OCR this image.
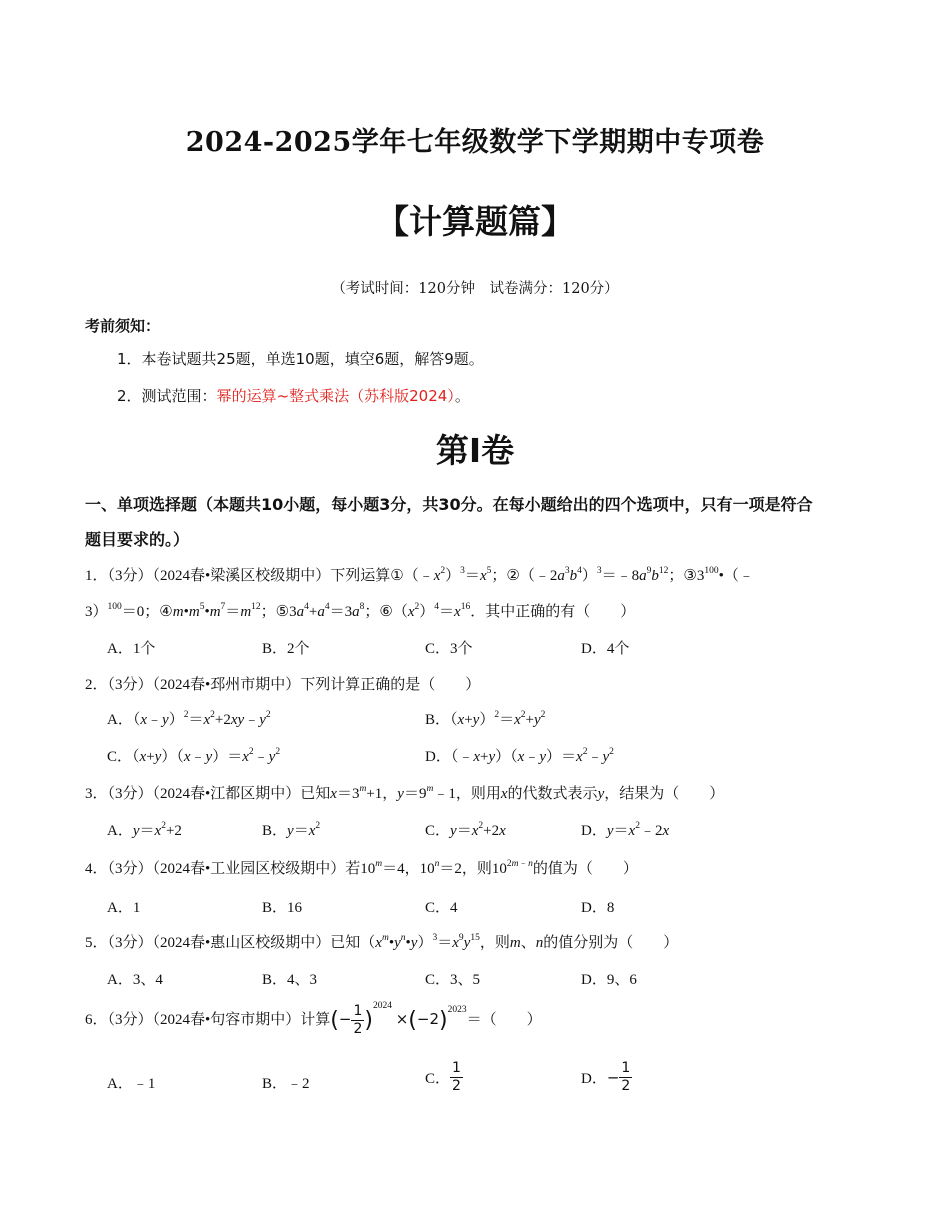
2024-2025学年七年级数学下学期期中专项卷
【计算题篇】
（考试时间：120分钟　试卷满分：120分）
考前须知：
1．本卷试题共25题，单选10题，填空6题，解答9题。
2．测试范围：幂的运算~整式乘法（苏科版2024）。
第Ⅰ卷
一、单项选择题（本题共10小题，每小题3分，共30分。在每小题给出的四个选项中，只有一项是符合
题目要求的。）
1．（3分）（2024春•梁溪区校级期中）下列运算$①(﹣x^2)^3=x^5$；$②(﹣2a^3b^4)^3=﹣8a^9b^{12}$；$③3^{100}•(﹣$
3）$^{100}$＝0；$④m•m^5•m^7=m^{12}$；$⑤3a^4+a^4=3a^8$；$⑥(x^2)^4=x^{16}$．其中正确的有（　　）
A．1个	B．2个	C．3个	D．4个
2．（3分）（2024春•邳州市期中）下列计算正确的是（　　）
A．$(x﹣y)^2=x^2+2xy﹣y^2$	B．$(x+y)^2=x^2+y^2$
C．$(x+y)(x﹣y)=x^2﹣y^2$	D．$(﹣x+y)(x﹣y)=x^2﹣y^2$
3．（3分）（2024春•江都区期中）已知$x=3^m+1$，$y=9^m﹣1$，则用x的代数式表示y，结果为（　　）
A．$y=x^2+2$	B．$y=x^2$	C．$y=x^2+2x$	D．$y=x^2﹣2x$
4．（3分）（2024春•工业园区校级期中）若$10^m=4$，$10^n=2$，则$10^{2m﹣n}$的值为（　　）
A．1	B．16	C．4	D．8
5．（3分）（2024春•惠山区校级期中）已知$(x^m•y^n•y)^3=x^9y^{15}$，则m、n的值分别为（　　）
A．3、4	B．4、3	C．3、5	D．9、6
6．（3分）（2024春•句容市期中）计算(− $\frac{1}{2} )^{2024} \times(-2)^{2023}=$（　　）
A．﹣1	B．﹣2	C． $\frac{1}{2}$	D．− $\frac{1}{2}$
